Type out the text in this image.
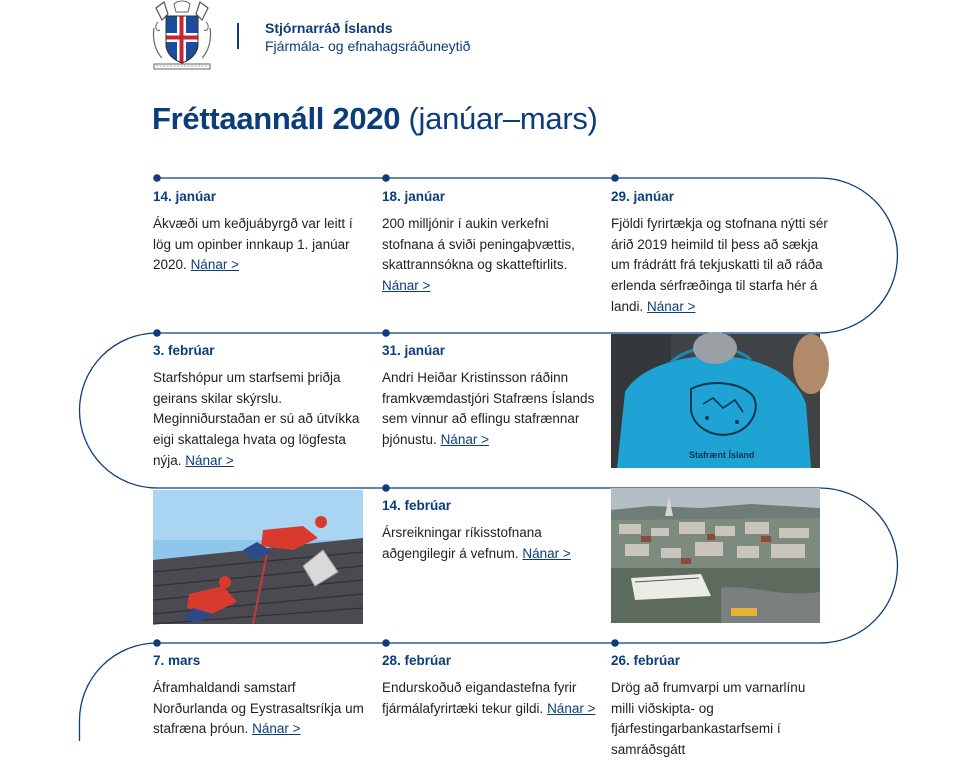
Stjórnarráð Íslands
Fjármála- og efnahagsráðuneytið
Fréttaannáll 2020 (janúar–mars)
14. janúar
Ákvæði um keðjuábyrgð var leitt í lög um opinber innkaup 1. janúar 2020. Nánar >
18. janúar
200 milljónir í aukin verkefni stofnana á sviði peningaþvættis, skattrannsókna og skatteftirlits. Nánar >
29. janúar
Fjöldi fyrirtækja og stofnana nýtti sér árið 2019 heimild til þess að sækja um frádrátt frá tekjuskatti til að ráða erlenda sérfræðinga til starfa hér á landi. Nánar >
3. febrúar
Starfshópur um starfsemi þriðja geirans skilar skýrslu. Meginniðurstaðan er sú að útvíkka eigi skattalega hvata og lögfesta nýja. Nánar >
31. janúar
Andri Heiðar Kristinsson ráðinn framkvæmdastjóri Stafræns Íslands sem vinnur að eflingu stafrænnar þjónustu. Nánar >
Stafrænt Ísland
14. febrúar
Ársreikningar ríkisstofnana aðgengilegir á vefnum. Nánar >
7. mars
Áframhaldandi samstarf Norðurlanda og Eystrasaltsríkja um stafræna þróun. Nánar >
28. febrúar
Endurskoðuð eigandastefna fyrir fjármálafyrirtæki tekur gildi. Nánar >
26. febrúar
Drög að frumvarpi um varnarlínu milli viðskipta- og fjárfestingarbankastarfsemi í samráðsgátt
